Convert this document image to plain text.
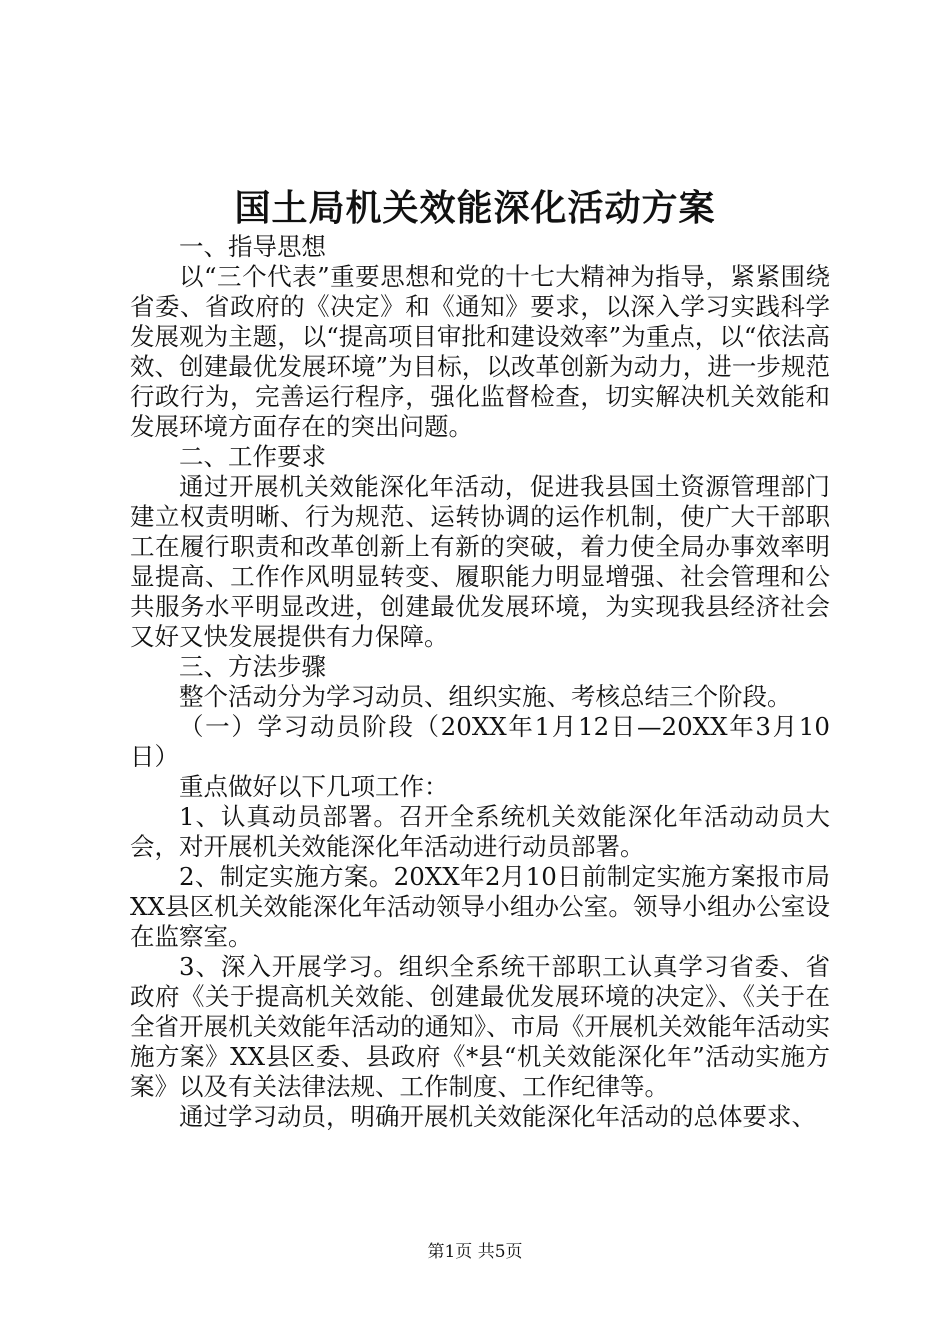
国土局机关效能深化活动方案

一、指导思想

以“三个代表”重要思想和党的十七大精神为指导，紧紧围绕省委、省政府的《决定》和《通知》要求，以深入学习实践科学发展观为主题，以“提高项目审批和建设效率”为重点，以“依法高效、创建最优发展环境”为目标，以改革创新为动力，进一步规范行政行为，完善运行程序，强化监督检查，切实解决机关效能和发展环境方面存在的突出问题。

二、工作要求

通过开展机关效能深化年活动，促进我县国土资源管理部门建立权责明晰、行为规范、运转协调的运作机制，使广大干部职工在履行职责和改革创新上有新的突破，着力使全局办事效率明显提高、工作作风明显转变、履职能力明显增强、社会管理和公共服务水平明显改进，创建最优发展环境，为实现我县经济社会又好又快发展提供有力保障。

三、方法步骤

整个活动分为学习动员、组织实施、考核总结三个阶段。

（一）学习动员阶段（20XX年1月12日—20XX年3月10日）

重点做好以下几项工作：

1、认真动员部署。召开全系统机关效能深化年活动动员大会，对开展机关效能深化年活动进行动员部署。

2、制定实施方案。20XX年2月10日前制定实施方案报市局XX县区机关效能深化年活动领导小组办公室。领导小组办公室设在监察室。

3、深入开展学习。组织全系统干部职工认真学习省委、省政府《关于提高机关效能、创建最优发展环境的决定》、《关于在全省开展机关效能年活动的通知》、市局《开展机关效能年活动实施方案》XX县区委、县政府《*县“机关效能深化年”活动实施方案》以及有关法律法规、工作制度、工作纪律等。

通过学习动员，明确开展机关效能深化年活动的总体要求、

第1页 共5页
